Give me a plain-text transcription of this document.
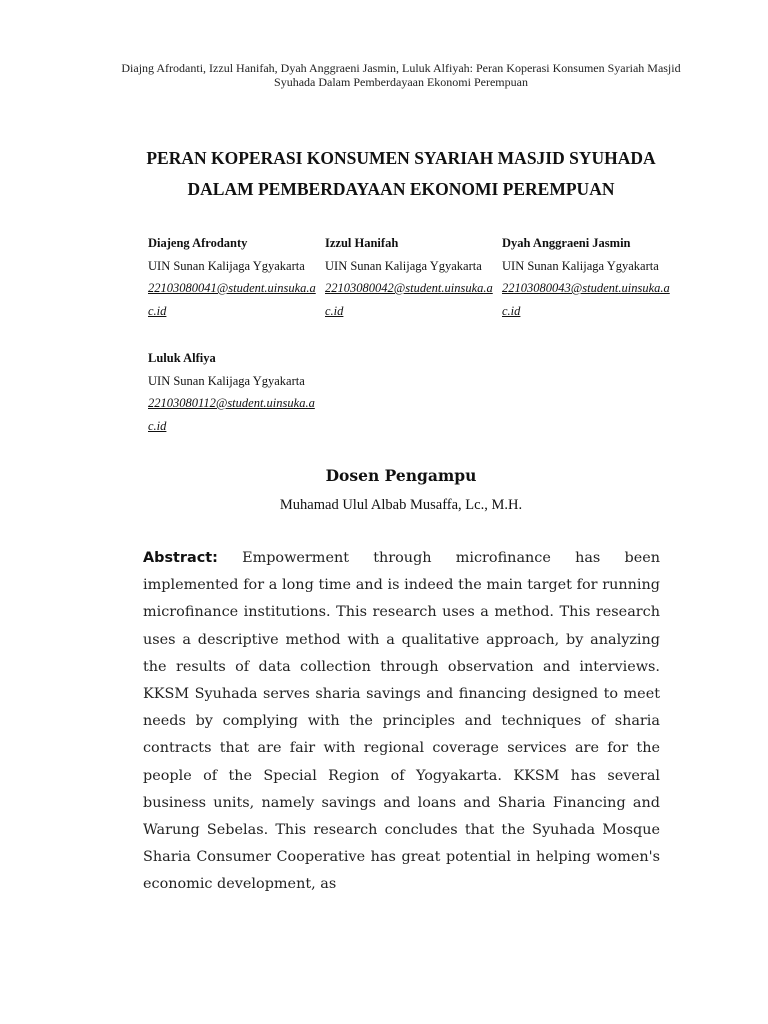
Diajng Afrodanti, Izzul Hanifah, Dyah Anggraeni Jasmin, Luluk Alfiyah: Peran Koperasi Konsumen Syariah Masjid Syuhada Dalam Pemberdayaan Ekonomi Perempuan
PERAN KOPERASI KONSUMEN SYARIAH MASJID SYUHADA
DALAM PEMBERDAYAAN EKONOMI PEREMPUAN
Diajeng Afrodanty
UIN Sunan Kalijaga Ygyakarta
22103080041@student.uinsuka.ac.id
Izzul Hanifah
UIN Sunan Kalijaga Ygyakarta
22103080042@student.uinsuka.ac.id
Dyah Anggraeni Jasmin
UIN Sunan Kalijaga Ygyakarta
22103080043@student.uinsuka.ac.id
Luluk Alfiya
UIN Sunan Kalijaga Ygyakarta
22103080112@student.uinsuka.ac.id
Dosen Pengampu
Muhamad Ulul Albab Musaffa, Lc., M.H.
Abstract: Empowerment through microfinance has been implemented for a long time and is indeed the main target for running microfinance institutions. This research uses a method. This research uses a descriptive method with a qualitative approach, by analyzing the results of data collection through observation and interviews. KKSM Syuhada serves sharia savings and financing designed to meet needs by complying with the principles and techniques of sharia contracts that are fair with regional coverage services are for the people of the Special Region of Yogyakarta. KKSM has several business units, namely savings and loans and Sharia Financing and Warung Sebelas. This research concludes that the Syuhada Mosque Sharia Consumer Cooperative has great potential in helping women's economic development, as
